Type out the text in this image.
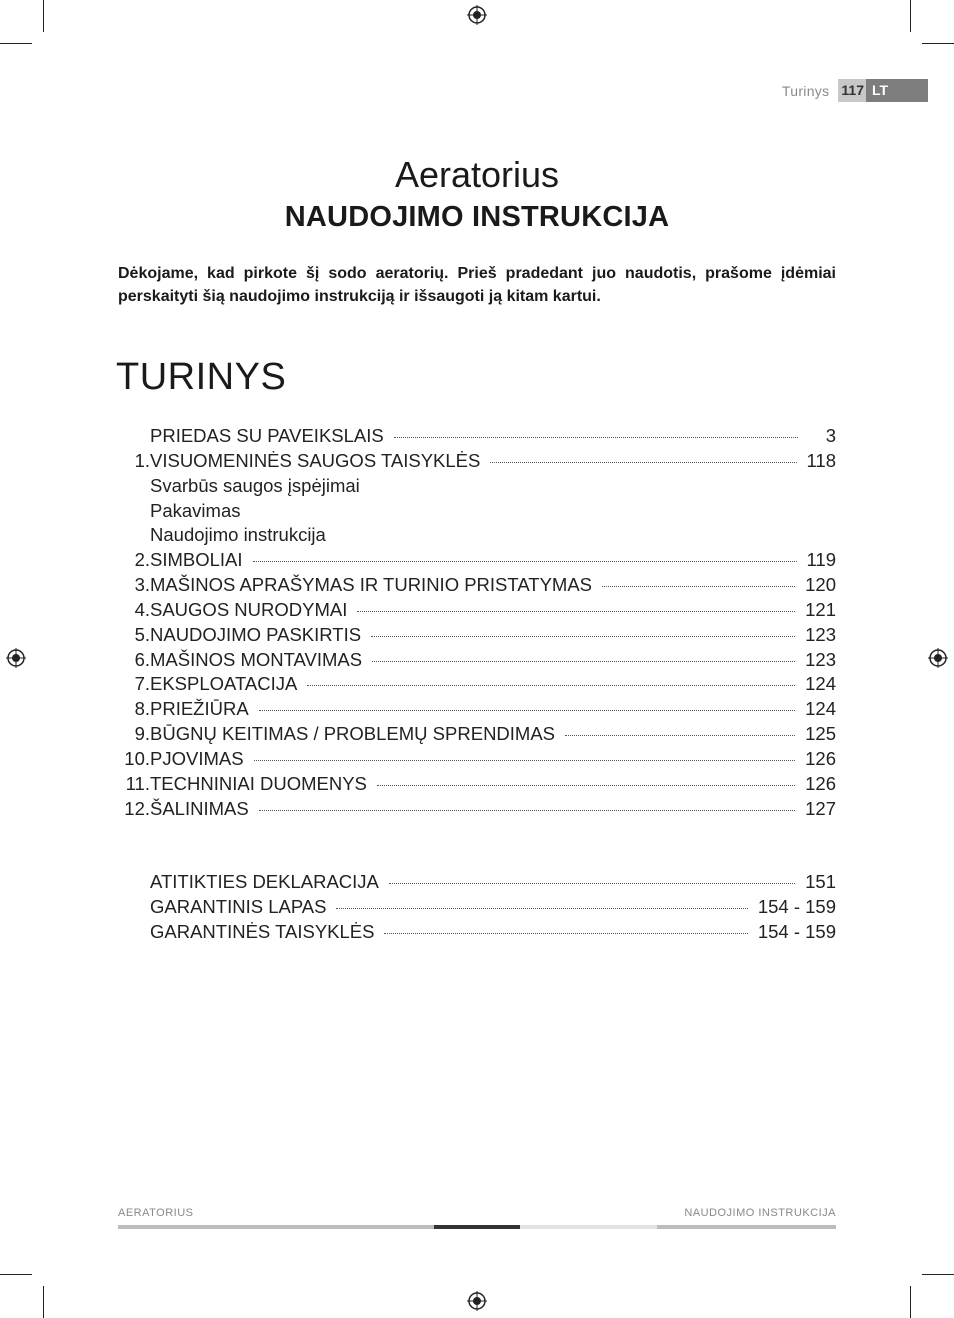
Turinys 117 LT
Aeratorius
NAUDOJIMO INSTRUKCIJA
Dėkojame, kad pirkote šį sodo aeratorių. Prieš pradedant juo naudotis, prašome įdėmiai perskaityti šią naudojimo instrukciją ir išsaugoti ją kitam kartui.
TURINYS
PRIEDAS SU PAVEIKSLAIS	3
1. VISUOMENINĖS SAUGOS TAISYKLĖS	118
Svarbūs saugos įspėjimai
Pakavimas
Naudojimo instrukcija
2. SIMBOLIAI	119
3. MAŠINOS APRAŠYMAS IR TURINIO PRISTATYMAS	120
4. SAUGOS NURODYMAI	121
5. NAUDOJIMO PASKIRTIS	123
6. MAŠINOS MONTAVIMAS	123
7. EKSPLOATACIJA	124
8. PRIEŽIŪRA	124
9. BŪGNŲ KEITIMAS / PROBLEMŲ SPRENDIMAS	125
10. PJOVIMAS	126
11. TECHNINIAI DUOMENYS	126
12. ŠALINIMAS	127
ATITIKTIES DEKLARACIJA	151
GARANTINIS LAPAS	154 - 159
GARANTINĖS TAISYKLĖS	154 - 159
AERATORIUS	NAUDOJIMO INSTRUKCIJA
